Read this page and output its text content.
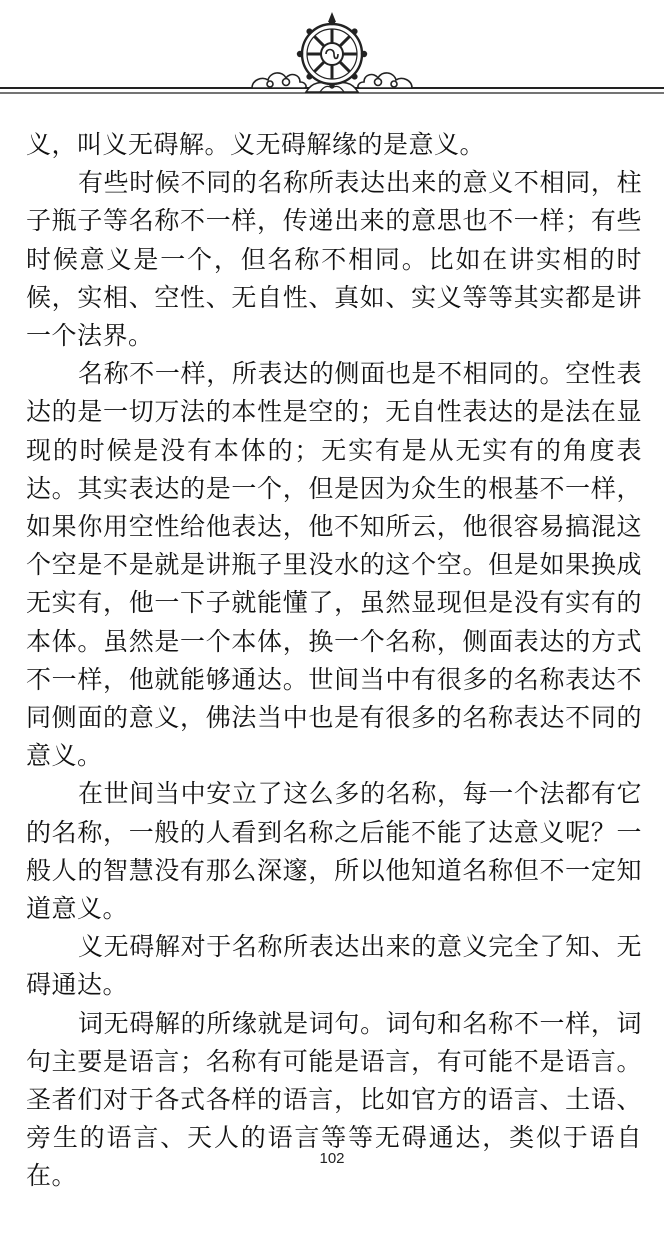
义，叫义无碍解。义无碍解缘的是意义。

有些时候不同的名称所表达出来的意义不相同，柱子瓶子等名称不一样，传递出来的意思也不一样；有些时候意义是一个，但名称不相同。比如在讲实相的时候，实相、空性、无自性、真如、实义等等其实都是讲一个法界。

名称不一样，所表达的侧面也是不相同的。空性表达的是一切万法的本性是空的；无自性表达的是法在显现的时候是没有本体的；无实有是从无实有的角度表达。其实表达的是一个，但是因为众生的根基不一样，如果你用空性给他表达，他不知所云，他很容易搞混这个空是不是就是讲瓶子里没水的这个空。但是如果换成无实有，他一下子就能懂了，虽然显现但是没有实有的本体。虽然是一个本体，换一个名称，侧面表达的方式不一样，他就能够通达。世间当中有很多的名称表达不同侧面的意义，佛法当中也是有很多的名称表达不同的意义。

在世间当中安立了这么多的名称，每一个法都有它的名称，一般的人看到名称之后能不能了达意义呢？一般人的智慧没有那么深邃，所以他知道名称但不一定知道意义。

义无碍解对于名称所表达出来的意义完全了知、无碍通达。

词无碍解的所缘就是词句。词句和名称不一样，词句主要是语言；名称有可能是语言，有可能不是语言。圣者们对于各式各样的语言，比如官方的语言、土语、旁生的语言、天人的语言等等无碍通达，类似于语自在。

102
